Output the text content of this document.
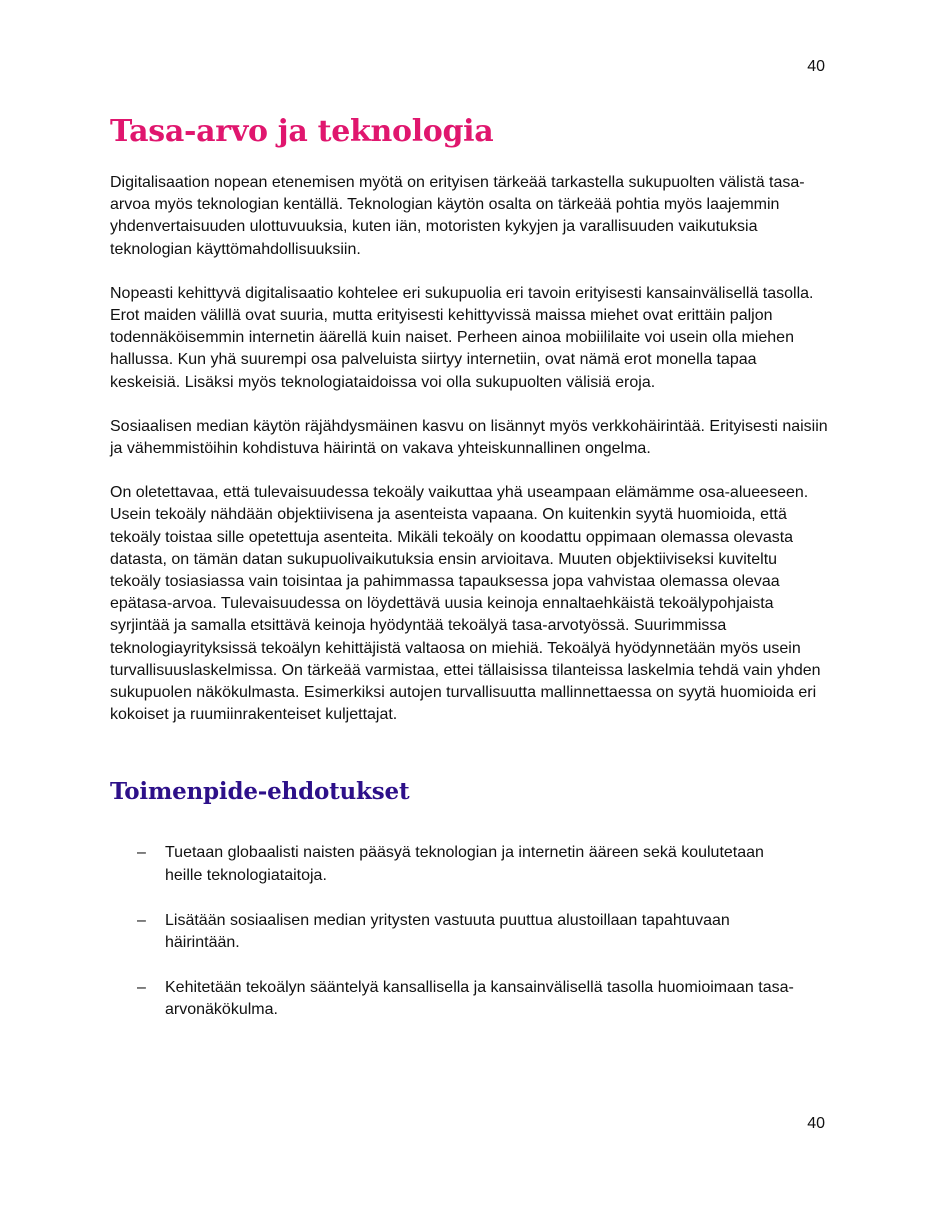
40
Tasa-arvo ja teknologia

Digitalisaation nopean etenemisen myötä on erityisen tärkeää tarkastella sukupuolten välistä tasa-arvoa myös teknologian kentällä. Teknologian käytön osalta on tärkeää pohtia myös laajemmin yhdenvertaisuuden ulottuvuuksia, kuten iän, motoristen kykyjen ja varallisuuden vaikutuksia teknologian käyttömahdollisuuksiin.

Nopeasti kehittyvä digitalisaatio kohtelee eri sukupuolia eri tavoin erityisesti kansainvälisellä tasolla. Erot maiden välillä ovat suuria, mutta erityisesti kehittyvissä maissa miehet ovat erittäin paljon todennäköisemmin internetin äärellä kuin naiset. Perheen ainoa mobiililaite voi usein olla miehen hallussa. Kun yhä suurempi osa palveluista siirtyy internetiin, ovat nämä erot monella tapaa keskeisiä. Lisäksi myös teknologiataidoissa voi olla sukupuolten välisiä eroja.

Sosiaalisen median käytön räjähdysmäinen kasvu on lisännyt myös verkkohäirintää. Erityisesti naisiin ja vähemmistöihin kohdistuva häirintä on vakava yhteiskunnallinen ongelma.

On oletettavaa, että tulevaisuudessa tekoäly vaikuttaa yhä useampaan elämämme osa-alueeseen. Usein tekoäly nähdään objektiivisena ja asenteista vapaana. On kuitenkin syytä huomioida, että tekoäly toistaa sille opetettuja asenteita. Mikäli tekoäly on koodattu oppimaan olemassa olevasta datasta, on tämän datan sukupuolivaikutuksia ensin arvioitava. Muuten objektiiviseksi kuviteltu tekoäly tosiasiassa vain toisintaa ja pahimmassa tapauksessa jopa vahvistaa olemassa olevaa epätasa-arvoa. Tulevaisuudessa on löydettävä uusia keinoja ennaltaehkäistä tekoälypohjaista syrjintää ja samalla etsittävä keinoja hyödyntää tekoälyä tasa-arvotyössä. Suurimmissa teknologiayrityksissä tekoälyn kehittäjistä valtaosa on miehiä. Tekoälyä hyödynnetään myös usein turvallisuuslaskelmissa. On tärkeää varmistaa, ettei tällaisissa tilanteissa laskelmia tehdä vain yhden sukupuolen näkökulmasta. Esimerkiksi autojen turvallisuutta mallinnettaessa on syytä huomioida eri kokoiset ja ruumiinrakenteiset kuljettajat.

Toimenpide-ehdotukset
– Tuetaan globaalisti naisten pääsyä teknologian ja internetin ääreen sekä koulutetaan heille teknologiataitoja.
– Lisätään sosiaalisen median yritysten vastuuta puuttua alustoillaan tapahtuvaan häirintään.
– Kehitetään tekoälyn sääntelyä kansallisella ja kansainvälisellä tasolla huomioimaan tasa-arvonäkökulma.
40
